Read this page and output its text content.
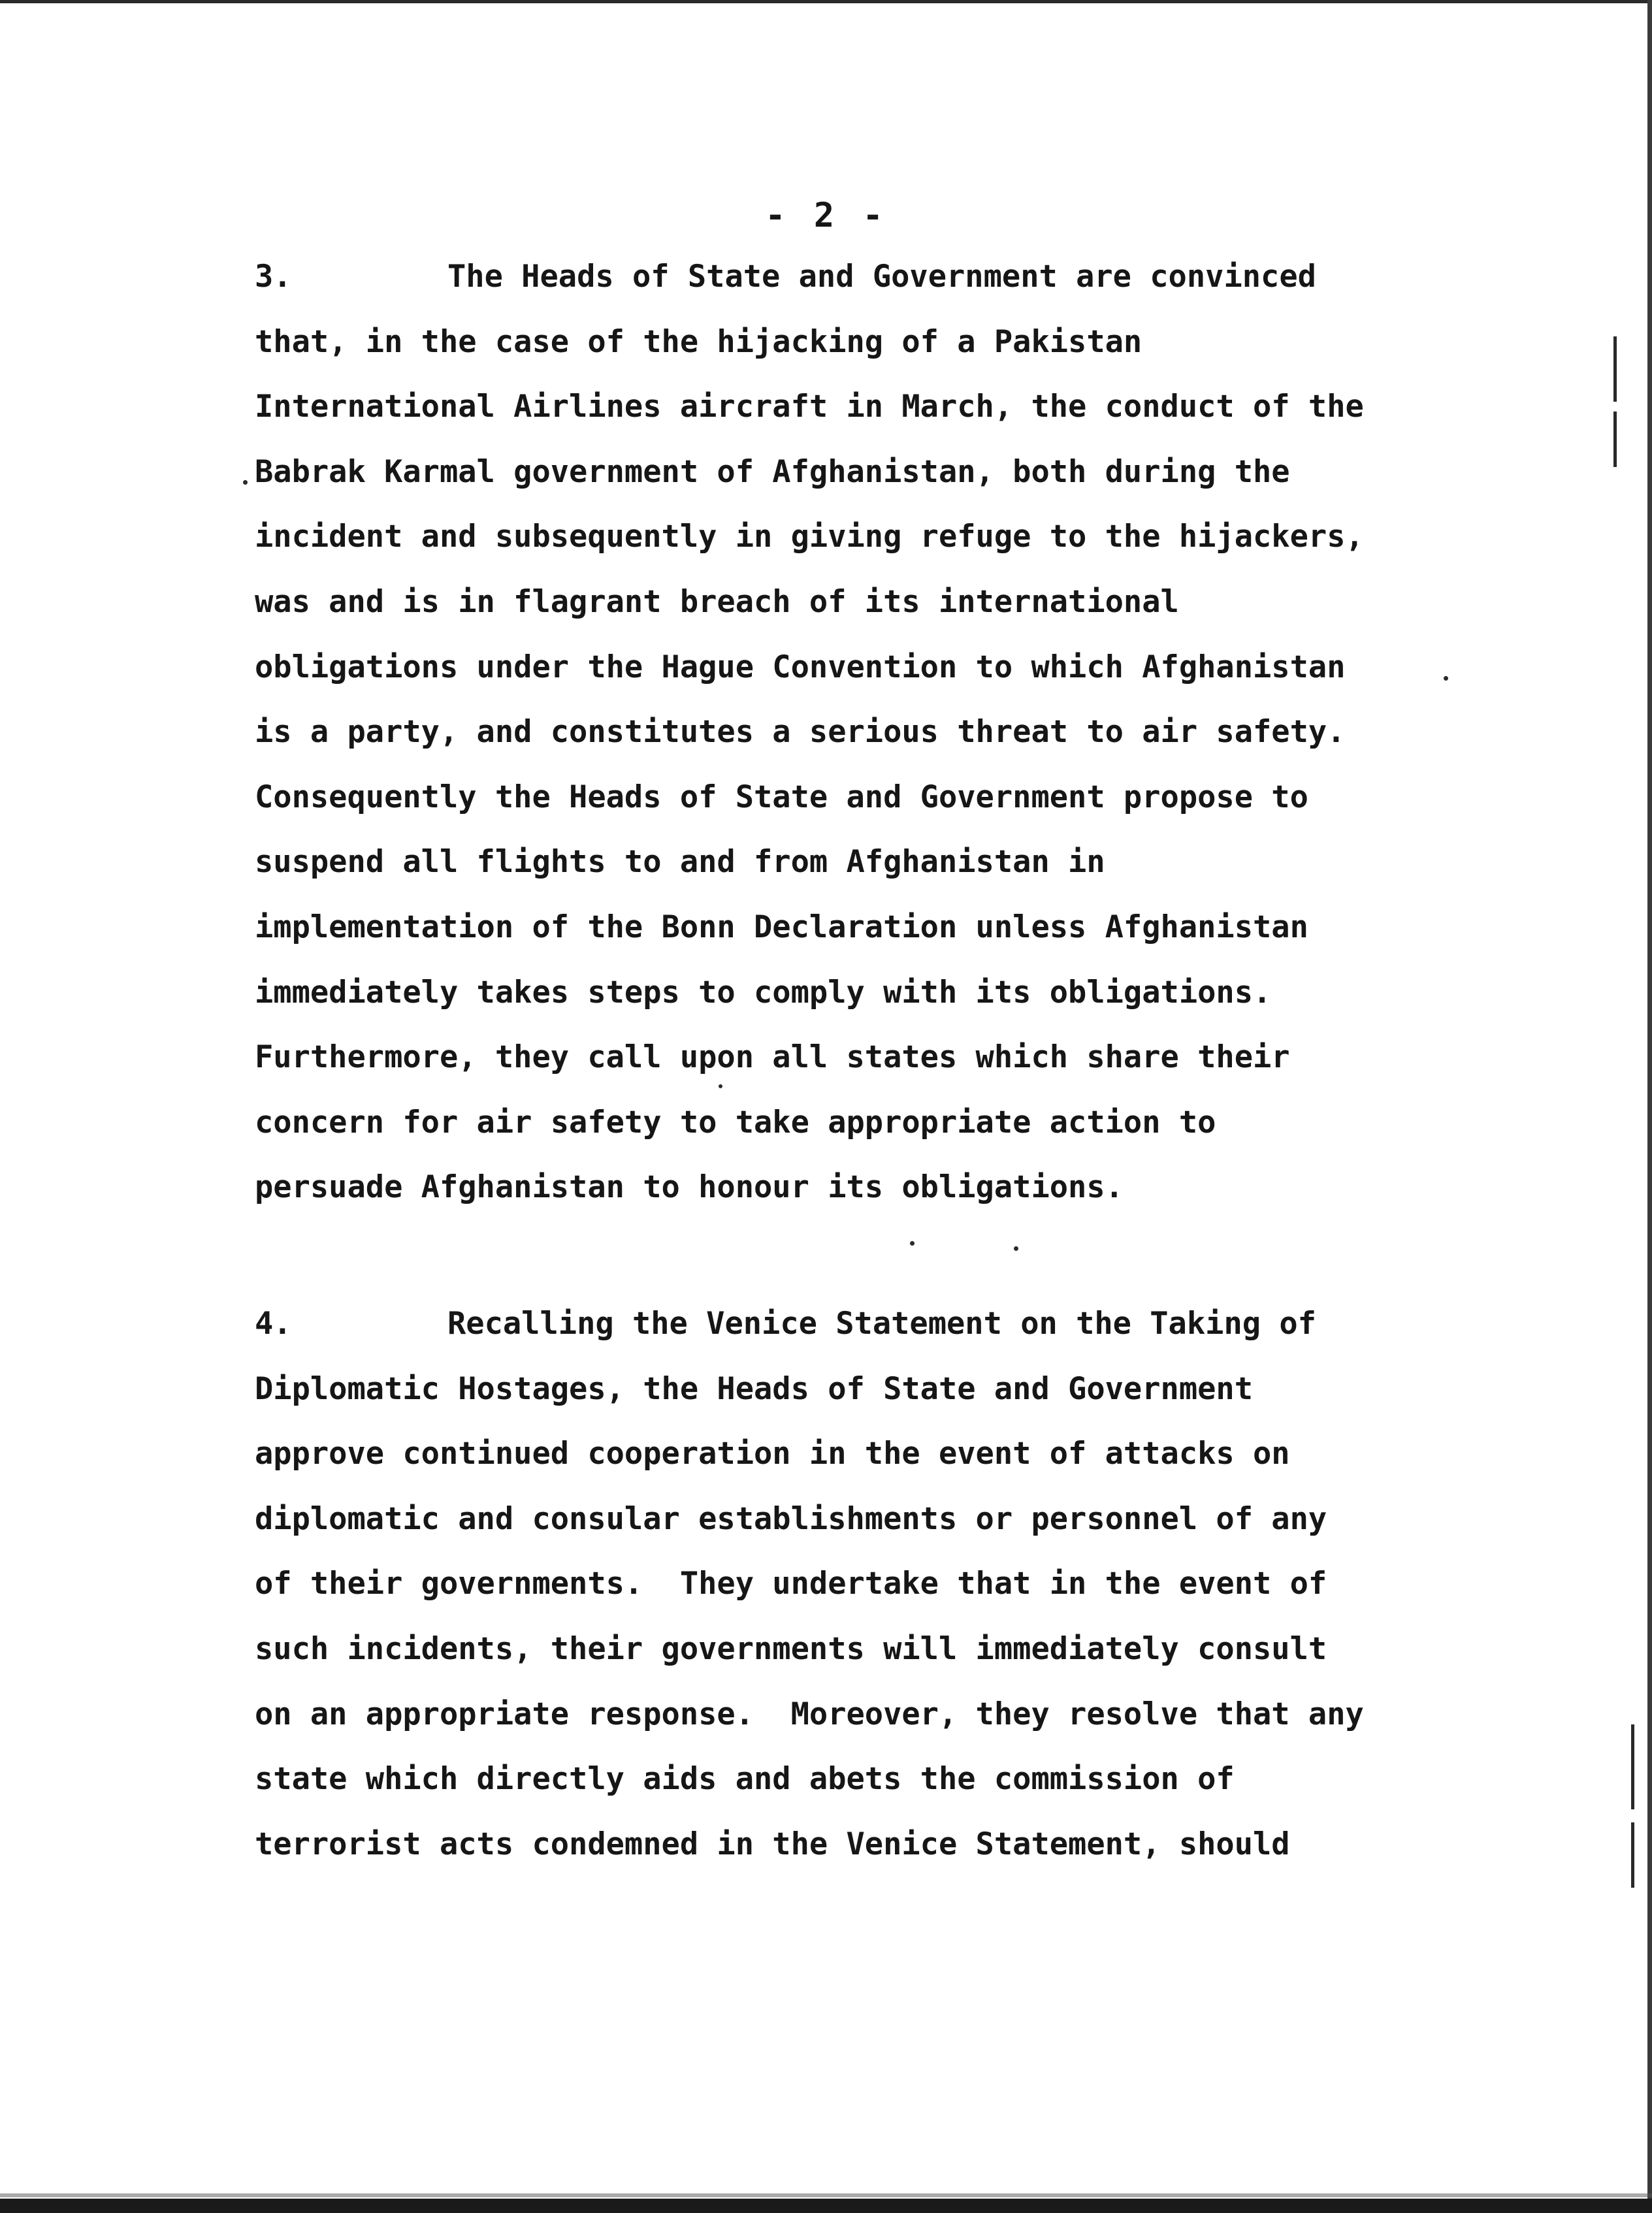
- 2 -
3.	The Heads of State and Government are convinced
that, in the case of the hijacking of a Pakistan
International Airlines aircraft in March, the conduct of the
Babrak Karmal government of Afghanistan, both during the
incident and subsequently in giving refuge to the hijackers,
was and is in flagrant breach of its international
obligations under the Hague Convention to which Afghanistan
is a party, and constitutes a serious threat to air safety.
Consequently the Heads of State and Government propose to
suspend all flights to and from Afghanistan in
implementation of the Bonn Declaration unless Afghanistan
immediately takes steps to comply with its obligations.
Furthermore, they call upon all states which share their
concern for air safety to take appropriate action to
persuade Afghanistan to honour its obligations.
4.	Recalling the Venice Statement on the Taking of
Diplomatic Hostages, the Heads of State and Government
approve continued cooperation in the event of attacks on
diplomatic and consular establishments or personnel of any
of their governments.  They undertake that in the event of
such incidents, their governments will immediately consult
on an appropriate response.  Moreover, they resolve that any
state which directly aids and abets the commission of
terrorist acts condemned in the Venice Statement, should
